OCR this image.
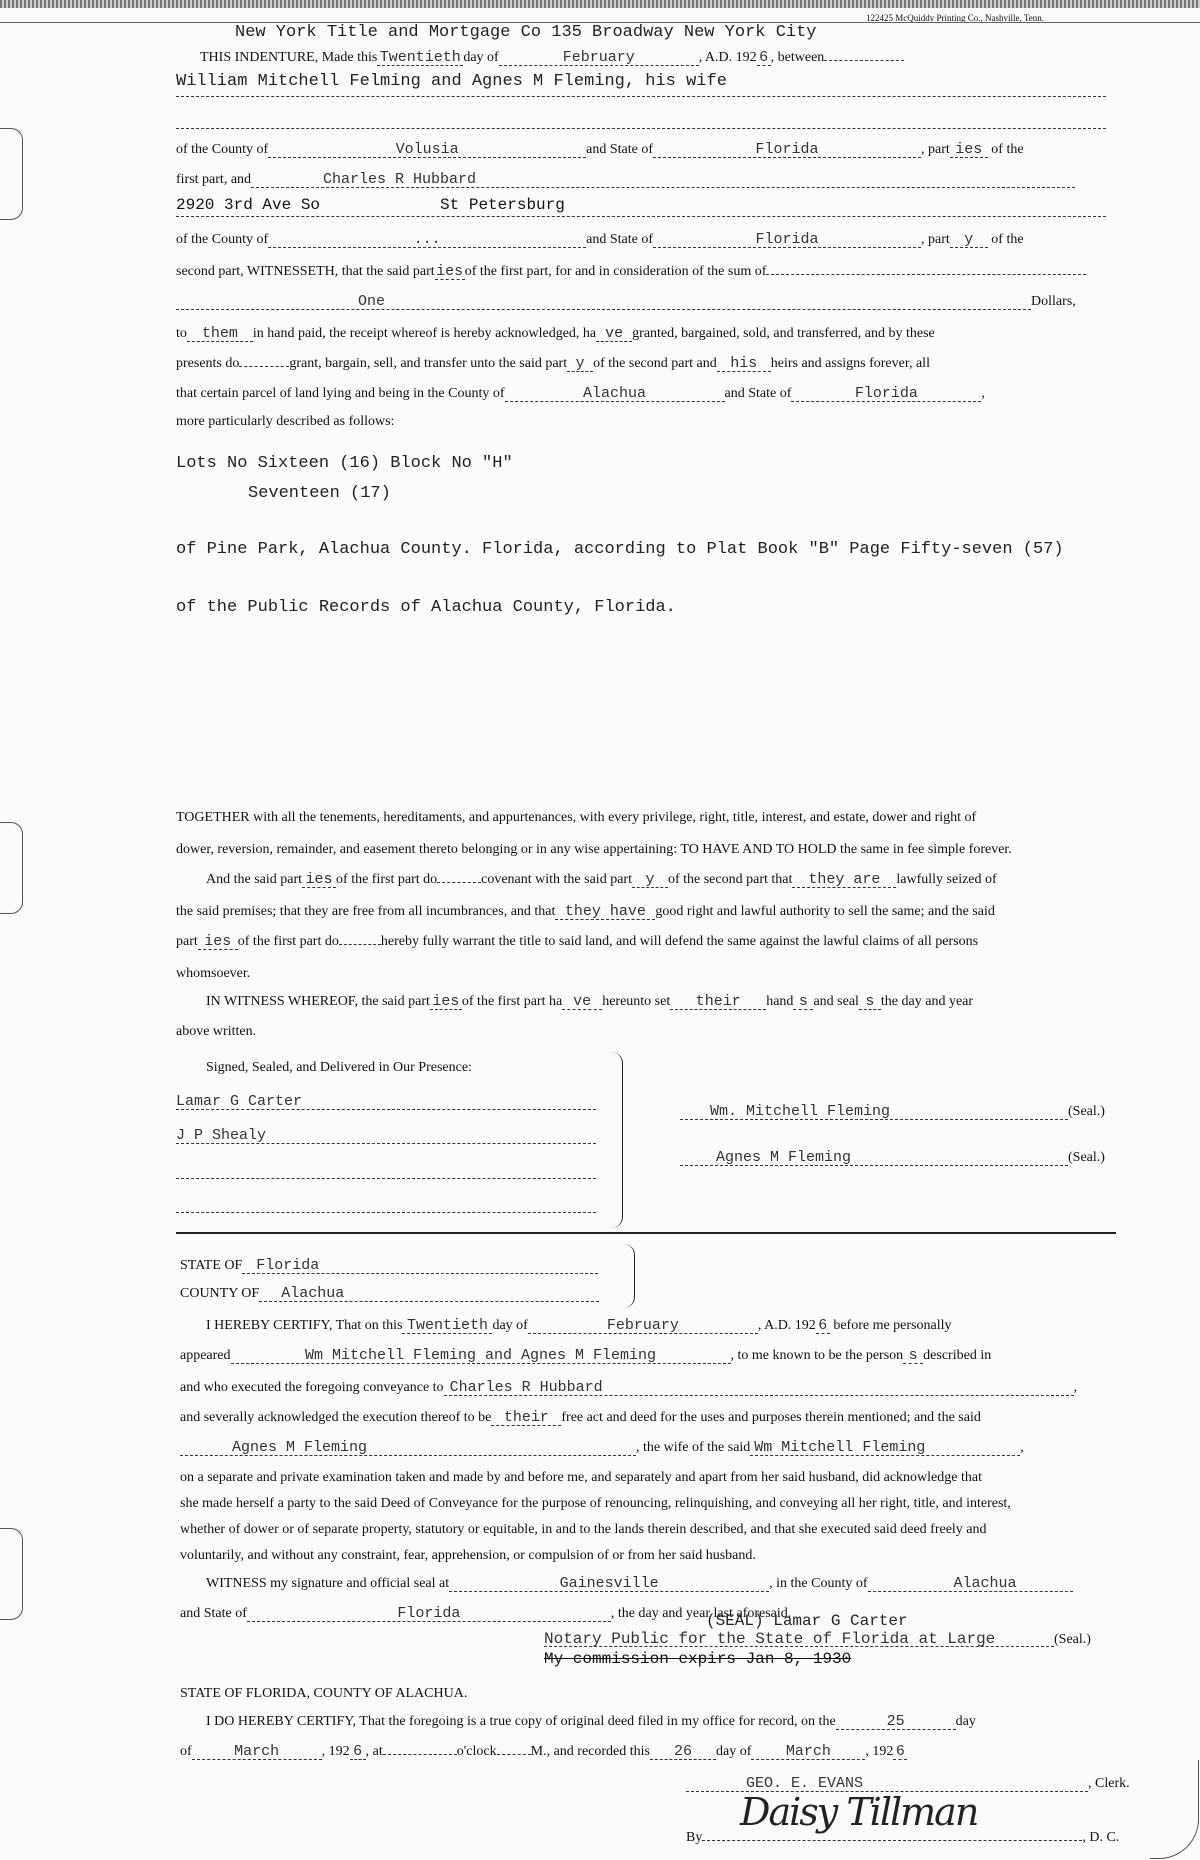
122425 McQuiddy Printing Co., Nashville, Tenn.
New York Title and Mortgage Co 135 Broadway New York City
THIS INDENTURE, Made this Twentieth day of	February	, A.D. 192 6 , between
William Mitchell Felming and Agnes M Fleming, his wife
of the County of	Volusia	and State of	Florida	, part ies of the
first part, and	Charles R Hubbard
2920 3rd Ave So	St Petersburg
of the County of	...	and State of	Florida	, part y of the
second part, WITNESSETH, that the said parties of the first part, for and in consideration of the sum of
One	Dollars,
to them in hand paid, the receipt whereof is hereby acknowledged, ha ve granted, bargained, sold, and transferred, and by these
presents do	grant, bargain, sell, and transfer unto the said part y of the second part and his heirs and assigns forever, all
that certain parcel of land lying and being in the County of	Alachua	and State of	Florida	,
more particularly described as follows:
Lots No Sixteen (16) Block No "H"
Seventeen (17)
of Pine Park, Alachua County. Florida, according to Plat Book "B" Page Fifty-seven (57)
of the Public Records of Alachua County, Florida.
TOGETHER with all the tenements, hereditaments, and appurtenances, with every privilege, right, title, interest, and estate, dower and right of
dower, reversion, remainder, and easement thereto belonging or in any wise appertaining: TO HAVE AND TO HOLD the same in fee simple forever.
And the said part ies of the first part do	covenant with the said part y of the second part that they are lawfully seized of
the said premises; that they are free from all incumbrances, and that they have good right and lawful authority to sell the same; and the said
part ies of the first part do	hereby fully warrant the title to said land, and will defend the same against the lawful claims of all persons
whomsoever.
IN WITNESS WHEREOF, the said part ies of the first part ha ve hereunto set their hand s and seal s the day and year
above written.
Signed, Sealed, and Delivered in Our Presence:
Lamar G Carter
J P Shealy
Wm. Mitchell Fleming	(Seal.)
Agnes M Fleming	(Seal.)
STATE OF Florida
COUNTY OF Alachua
I HEREBY CERTIFY, That on this Twentieth day of	February	, A.D. 192 6 before me personally
appeared	Wm Mitchell Fleming and Agnes M Fleming	, to me known to be the person s described in
and who executed the foregoing conveyance to Charles R Hubbard	,
and severally acknowledged the execution thereof to be their free act and deed for the uses and purposes therein mentioned; and the said
Agnes M Fleming	, the wife of the said Wm Mitchell Fleming	,
on a separate and private examination taken and made by and before me, and separately and apart from her said husband, did acknowledge that
she made herself a party to the said Deed of Conveyance for the purpose of renouncing, relinquishing, and conveying all her right, title, and interest,
whether of dower or of separate property, statutory or equitable, in and to the lands therein described, and that she executed said deed freely and
voluntarily, and without any constraint, fear, apprehension, or compulsion of or from her said husband.
WITNESS my signature and official seal at	Gainesville	, in the County of	Alachua
and State of	Florida	, the day and year last aforesaid.
(SEAL) Lamar G Carter
Notary Public for the State of Florida at Large	(Seal.)
My commission expirs Jan 8, 1930
STATE OF FLORIDA, COUNTY OF ALACHUA.
I DO HEREBY CERTIFY, That the foregoing is a true copy of original deed filed in my office for record, on the	25	day
of	March	, 192 6 , at	o'clock M., and recorded this 26 day of March , 192 6
GEO. E. EVANS	, Clerk.
By	, D. C.
Daisy Tillman
